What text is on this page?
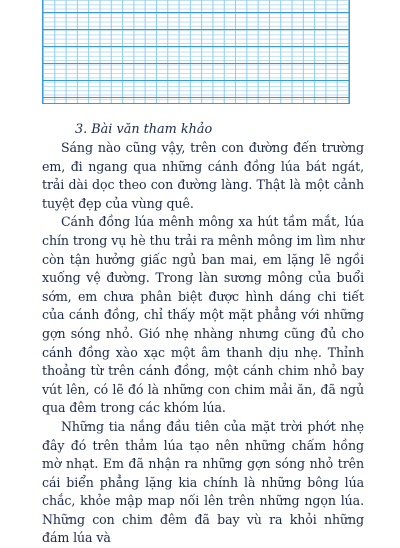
3. Bài văn tham khảo

Sáng nào cũng vậy, trên con đường đến trường em, đi ngang qua những cánh đồng lúa bát ngát, trải dài dọc theo con đường làng. Thật là một cảnh tuyệt đẹp của vùng quê.

Cánh đồng lúa mênh mông xa hút tầm mắt, lúa chín trong vụ hè thu trải ra mênh mông im lìm như còn tận hưởng giấc ngủ ban mai, em lặng lẽ ngồi xuống vệ đường. Trong làn sương mông của buổi sớm, em chưa phân biệt được hình dáng chi tiết của cánh đồng, chỉ thấy một mặt phẳng với những gợn sóng nhỏ. Gió nhẹ nhàng nhưng cũng đủ cho cánh đồng xào xạc một âm thanh dịu nhẹ. Thỉnh thoảng từ trên cánh đồng, một cánh chim nhỏ bay vút lên, có lẽ đó là những con chim mải ăn, đã ngủ qua đêm trong các khóm lúa.

Những tia nắng đầu tiên của mặt trời phớt nhẹ đây đó trên thảm lúa tạo nên những chấm hồng mờ nhạt. Em đã nhận ra những gợn sóng nhỏ trên cái biển phẳng lặng kia chính là những bông lúa chắc, khỏe mập map nối lên trên những ngọn lúa. Những con chim đêm đã bay vù ra khỏi những đám lúa và
